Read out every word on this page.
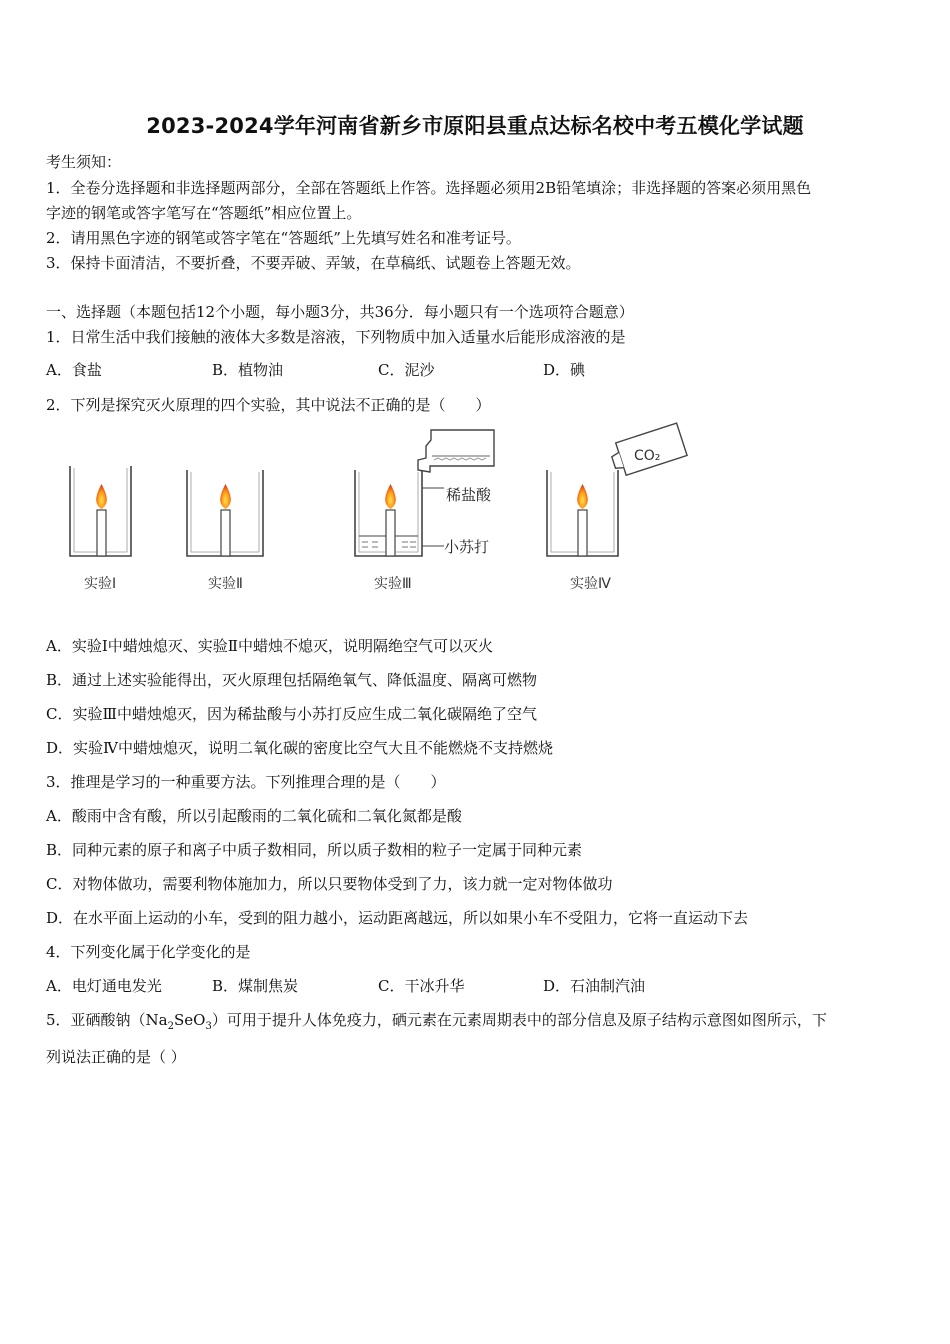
2023-2024学年河南省新乡市原阳县重点达标名校中考五模化学试题
考生须知：
1．全卷分选择题和非选择题两部分，全部在答题纸上作答。选择题必须用2B铅笔填涂；非选择题的答案必须用黑色
字迹的钢笔或答字笔写在“答题纸”相应位置上。
2．请用黑色字迹的钢笔或答字笔在“答题纸”上先填写姓名和准考证号。
3．保持卡面清洁，不要折叠，不要弄破、弄皱，在草稿纸、试题卷上答题无效。
一、选择题（本题包括12个小题，每小题3分，共36分．每小题只有一个选项符合题意）
1．日常生活中我们接触的液体大多数是溶液，下列物质中加入适量水后能形成溶液的是
A．食盐	B．植物油	C．泥沙	D．碘
2．下列是探究灭火原理的四个实验，其中说法不正确的是（　　）
稀盐酸
小苏打
CO₂
实验Ⅰ	实验Ⅱ	实验Ⅲ	实验Ⅳ
A．实验Ⅰ中蜡烛熄灭、实验Ⅱ中蜡烛不熄灭，说明隔绝空气可以灭火
B．通过上述实验能得出，灭火原理包括隔绝氧气、降低温度、隔离可燃物
C．实验Ⅲ中蜡烛熄灭，因为稀盐酸与小苏打反应生成二氧化碳隔绝了空气
D．实验Ⅳ中蜡烛熄灭，说明二氧化碳的密度比空气大且不能燃烧不支持燃烧
3．推理是学习的一种重要方法。下列推理合理的是（　　）
A．酸雨中含有酸，所以引起酸雨的二氧化硫和二氧化氮都是酸
B．同种元素的原子和离子中质子数相同，所以质子数相的粒子一定属于同种元素
C．对物体做功，需要利物体施加力，所以只要物体受到了力，该力就一定对物体做功
D．在水平面上运动的小车，受到的阻力越小，运动距离越远，所以如果小车不受阻力，它将一直运动下去
4．下列变化属于化学变化的是
A．电灯通电发光	B．煤制焦炭	C．干冰升华	D．石油制汽油
5．亚硒酸钠$(Na_2SeO_3)$可用于提升人体免疫力，硒元素在元素周期表中的部分信息及原子结构示意图如图所示，下
列说法正确的是（ ）
